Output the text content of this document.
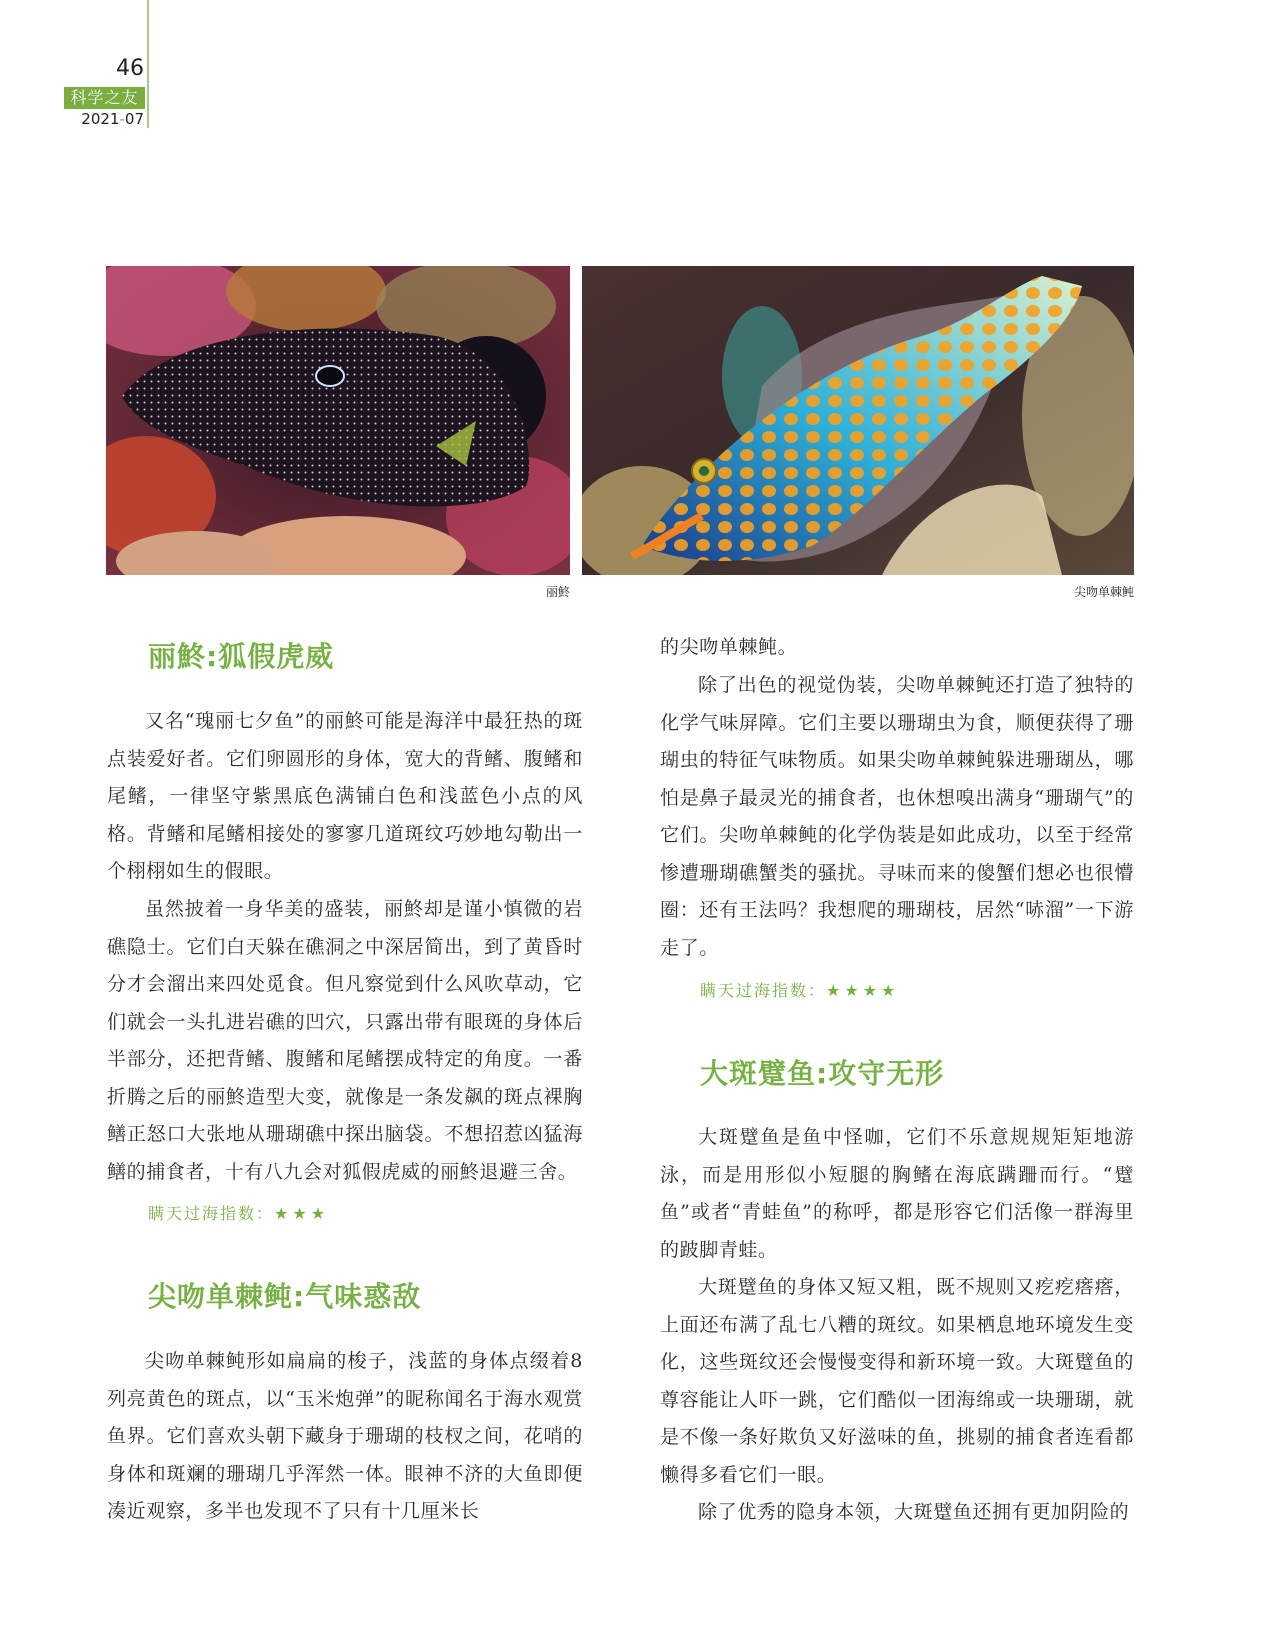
46
科学之友
2021-07
丽鮗	尖吻单棘鲀
丽鮗:狐假虎威

又名“瑰丽七夕鱼”的丽鮗可能是海洋中最狂热的斑点装爱好者。它们卵圆形的身体，宽大的背鳍、腹鳍和尾鳍，一律坚守紫黑底色满铺白色和浅蓝色小点的风格。背鳍和尾鳍相接处的寥寥几道斑纹巧妙地勾勒出一个栩栩如生的假眼。

虽然披着一身华美的盛装，丽鮗却是谨小慎微的岩礁隐士。它们白天躲在礁洞之中深居简出，到了黄昏时分才会溜出来四处觅食。但凡察觉到什么风吹草动，它们就会一头扎进岩礁的凹穴，只露出带有眼斑的身体后半部分，还把背鳍、腹鳍和尾鳍摆成特定的角度。一番折腾之后的丽鮗造型大变，就像是一条发飙的斑点裸胸鳝正怒口大张地从珊瑚礁中探出脑袋。不想招惹凶猛海鳝的捕食者，十有八九会对狐假虎威的丽鮗退避三舍。

瞒天过海指数：★★★
尖吻单棘鲀:气味惑敌

尖吻单棘鲀形如扁扁的梭子，浅蓝的身体点缀着8 列亮黄色的斑点，以“玉米炮弹”的昵称闻名于海水观赏鱼界。它们喜欢头朝下藏身于珊瑚的枝杈之间，花哨的身体和斑斓的珊瑚几乎浑然一体。眼神不济的大鱼即便凑近观察，多半也发现不了只有十几厘米长

的尖吻单棘鲀。

除了出色的视觉伪装，尖吻单棘鲀还打造了独特的化学气味屏障。它们主要以珊瑚虫为食，顺便获得了珊瑚虫的特征气味物质。如果尖吻单棘鲀躲进珊瑚丛，哪怕是鼻子最灵光的捕食者，也休想嗅出满身“珊瑚气”的它们。尖吻单棘鲀的化学伪装是如此成功，以至于经常惨遭珊瑚礁蟹类的骚扰。寻味而来的傻蟹们想必也很懵圈：还有王法吗？我想爬的珊瑚枝，居然“哧溜”一下游走了。

瞒天过海指数：★★★★
大斑躄鱼:攻守无形

大斑躄鱼是鱼中怪咖，它们不乐意规规矩矩地游泳，而是用形似小短腿的胸鳍在海底蹒跚而行。“躄鱼”或者“青蛙鱼”的称呼，都是形容它们活像一群海里的跛脚青蛙。

大斑躄鱼的身体又短又粗，既不规则又疙疙瘩瘩，上面还布满了乱七八糟的斑纹。如果栖息地环境发生变化，这些斑纹还会慢慢变得和新环境一致。大斑躄鱼的尊容能让人吓一跳，它们酷似一团海绵或一块珊瑚，就是不像一条好欺负又好滋味的鱼，挑剔的捕食者连看都懒得多看它们一眼。

除了优秀的隐身本领，大斑躄鱼还拥有更加阴险的
